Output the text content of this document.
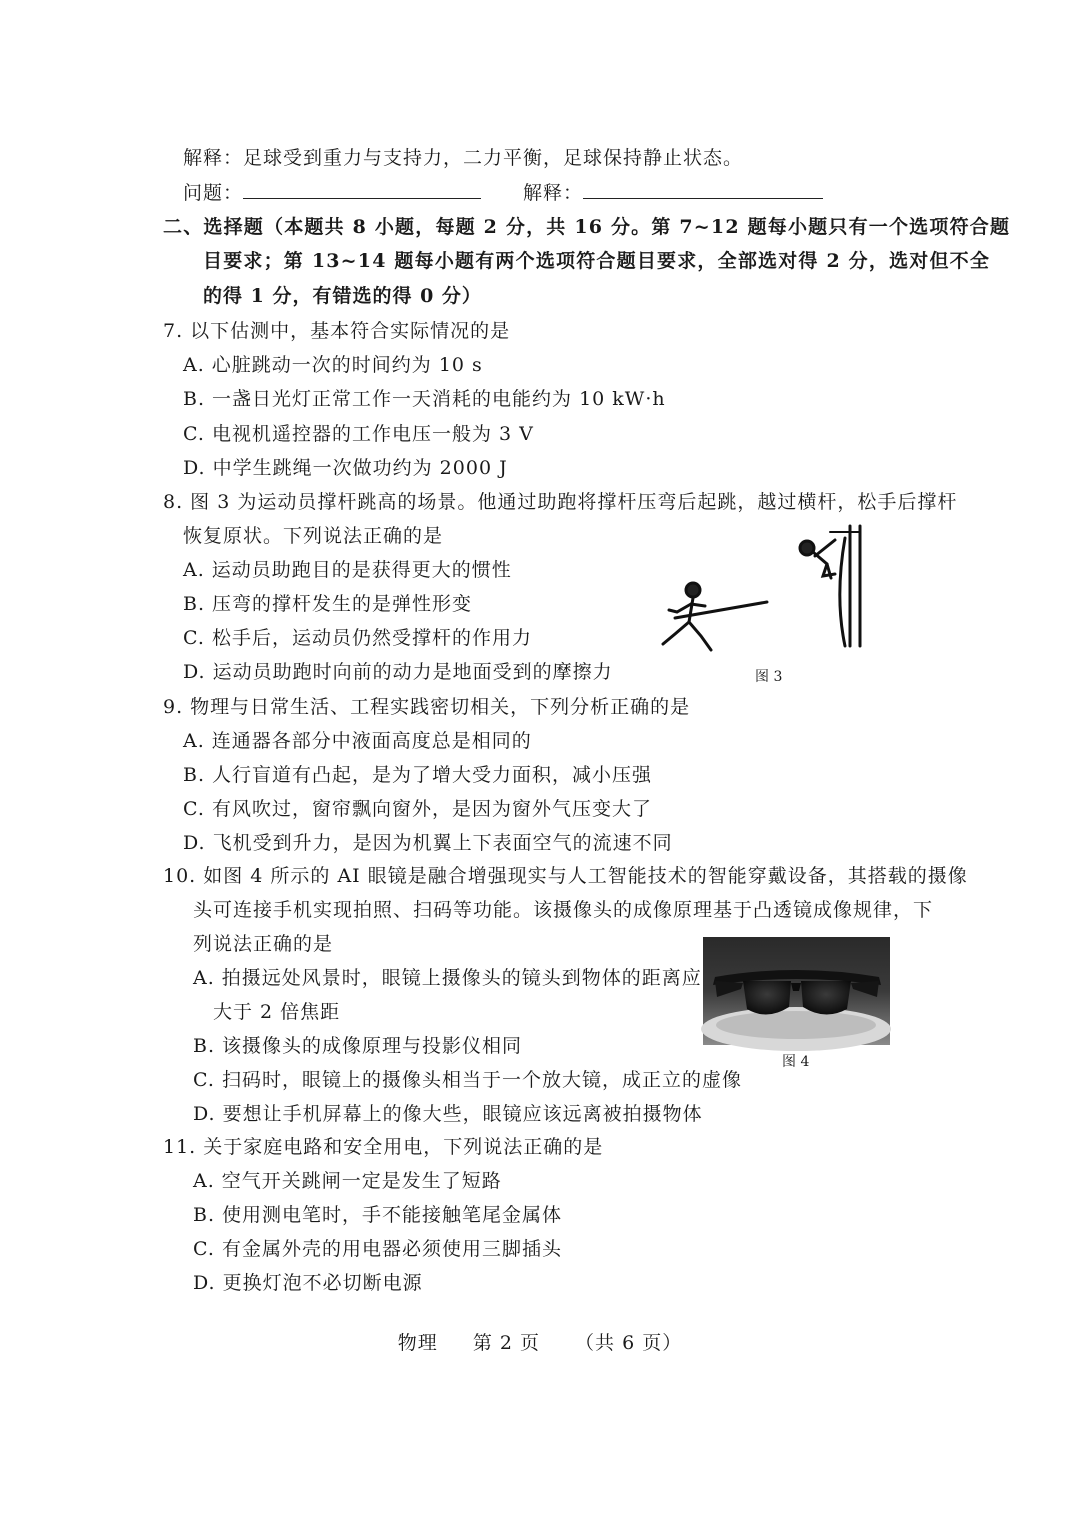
解释：足球受到重力与支持力，二力平衡，足球保持静止状态。
问题：	解释：
二、选择题（本题共 8 小题，每题 2 分，共 16 分。第 7~12 题每小题只有一个选项符合题
目要求；第 13~14 题每小题有两个选项符合题目要求，全部选对得 2 分，选对但不全
的得 1 分，有错选的得 0 分）
7. 以下估测中，基本符合实际情况的是
A. 心脏跳动一次的时间约为 10 s
B. 一盏日光灯正常工作一天消耗的电能约为 10 kW·h
C. 电视机遥控器的工作电压一般为 3 V
D. 中学生跳绳一次做功约为 2000 J
8. 图 3 为运动员撑杆跳高的场景。他通过助跑将撑杆压弯后起跳，越过横杆，松手后撑杆
恢复原状。下列说法正确的是
A. 运动员助跑目的是获得更大的惯性
B. 压弯的撑杆发生的是弹性形变
C. 松手后，运动员仍然受撑杆的作用力
D. 运动员助跑时向前的动力是地面受到的摩擦力	图 3
9. 物理与日常生活、工程实践密切相关，下列分析正确的是
A. 连通器各部分中液面高度总是相同的
B. 人行盲道有凸起，是为了增大受力面积，减小压强
C. 有风吹过，窗帘飘向窗外，是因为窗外气压变大了
D. 飞机受到升力，是因为机翼上下表面空气的流速不同
10. 如图 4 所示的 AI 眼镜是融合增强现实与人工智能技术的智能穿戴设备，其搭载的摄像
头可连接手机实现拍照、扫码等功能。该摄像头的成像原理基于凸透镜成像规律，下
列说法正确的是
A. 拍摄远处风景时，眼镜上摄像头的镜头到物体的距离应
大于 2 倍焦距
B. 该摄像头的成像原理与投影仪相同
C. 扫码时，眼镜上的摄像头相当于一个放大镜，成正立的虚像
D. 要想让手机屏幕上的像大些，眼镜应该远离被拍摄物体
图 4
11. 关于家庭电路和安全用电，下列说法正确的是
A. 空气开关跳闸一定是发生了短路
B. 使用测电笔时，手不能接触笔尾金属体
C. 有金属外壳的用电器必须使用三脚插头
D. 更换灯泡不必切断电源
物理 第 2 页 （共 6 页）
